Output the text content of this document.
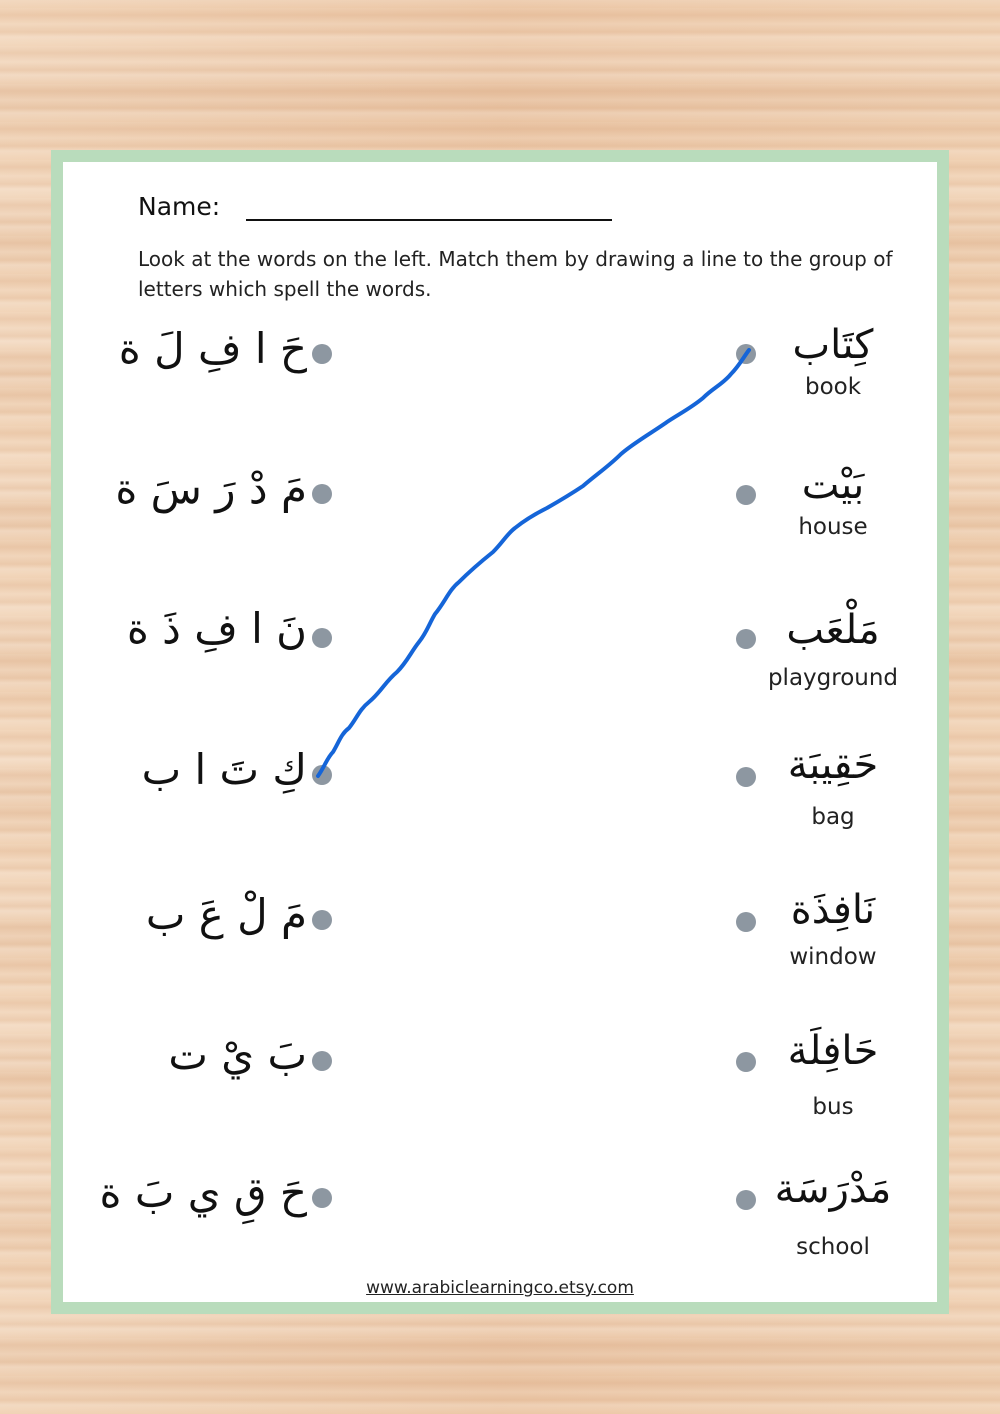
Name:
Look at the words on the left. Match them by drawing a line to the group of letters which spell the words.
حَ ا فِ لَ ة
مَ دْ رَ سَ ة
نَ ا فِ ذَ ة
كِ تَ ا ب
مَ لْ عَ ب
بَ يْ ت
حَ قِ ي بَ ة
كِتَاب
book
بَيْت
house
مَلْعَب
playground
حَقِيبَة
bag
نَافِذَة
window
حَافِلَة
bus
مَدْرَسَة
school
www.arabiclearningco.etsy.com
